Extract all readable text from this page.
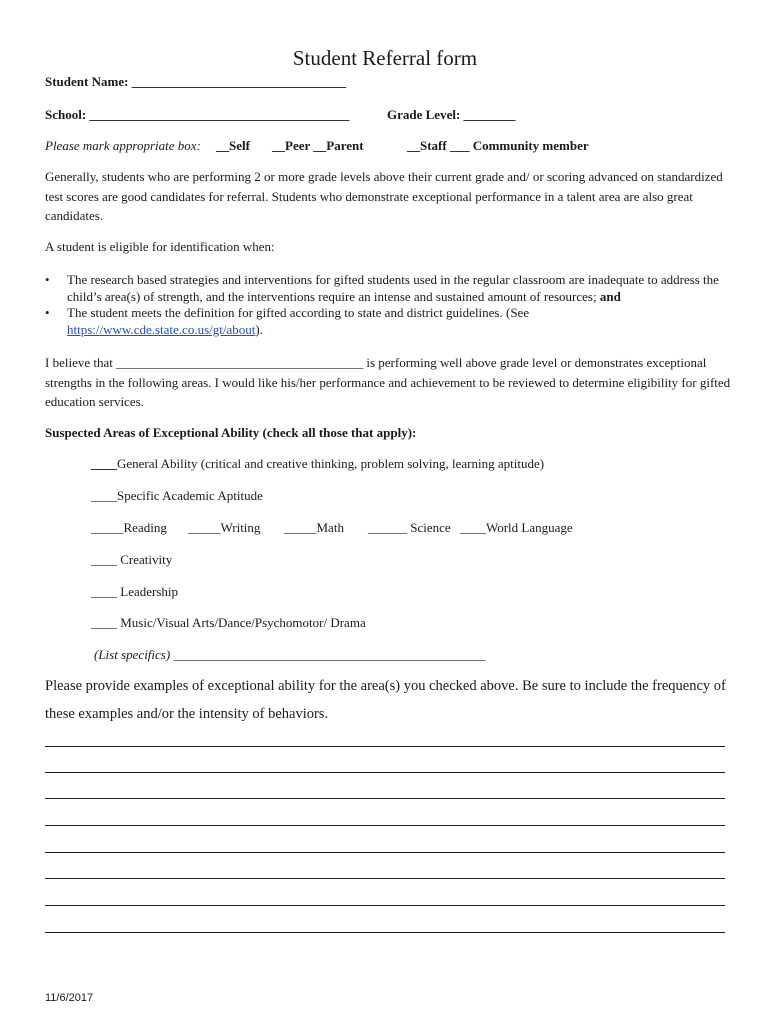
Student Referral form
Student Name: _________________________________
School: ________________________________________	Grade Level: ________
Please mark appropriate box: __Self __Peer __Parent	__Staff ___ Community member
Generally, students who are performing 2 or more grade levels above their current grade and/ or scoring advanced on standardized test scores are good candidates for referral. Students who demonstrate exceptional performance in a talent area are also great candidates.
A student is eligible for identification when:
• The research based strategies and interventions for gifted students used in the regular classroom are inadequate to address the child’s area(s) of strength, and the interventions require an intense and sustained amount of resources; and
• The student meets the definition for gifted according to state and district guidelines. (See
https://www.cde.state.co.us/gt/about).
I believe that ______________________________________ is performing well above grade level or demonstrates exceptional strengths in the following areas. I would like his/her performance and achievement to be reviewed to determine eligibility for gifted education services.
Suspected Areas of Exceptional Ability (check all those that apply):
____General Ability (critical and creative thinking, problem solving, learning aptitude)
____Specific Academic Aptitude
_____Reading _____Writing _____Math ______ Science ____World Language
____ Creativity
____ Leadership
____ Music/Visual Arts/Dance/Psychomotor/ Drama
(List specifics) ________________________________________________
Please provide examples of exceptional ability for the area(s) you checked above. Be sure to include the frequency of these examples and/or the intensity of behaviors.
11/6/2017
